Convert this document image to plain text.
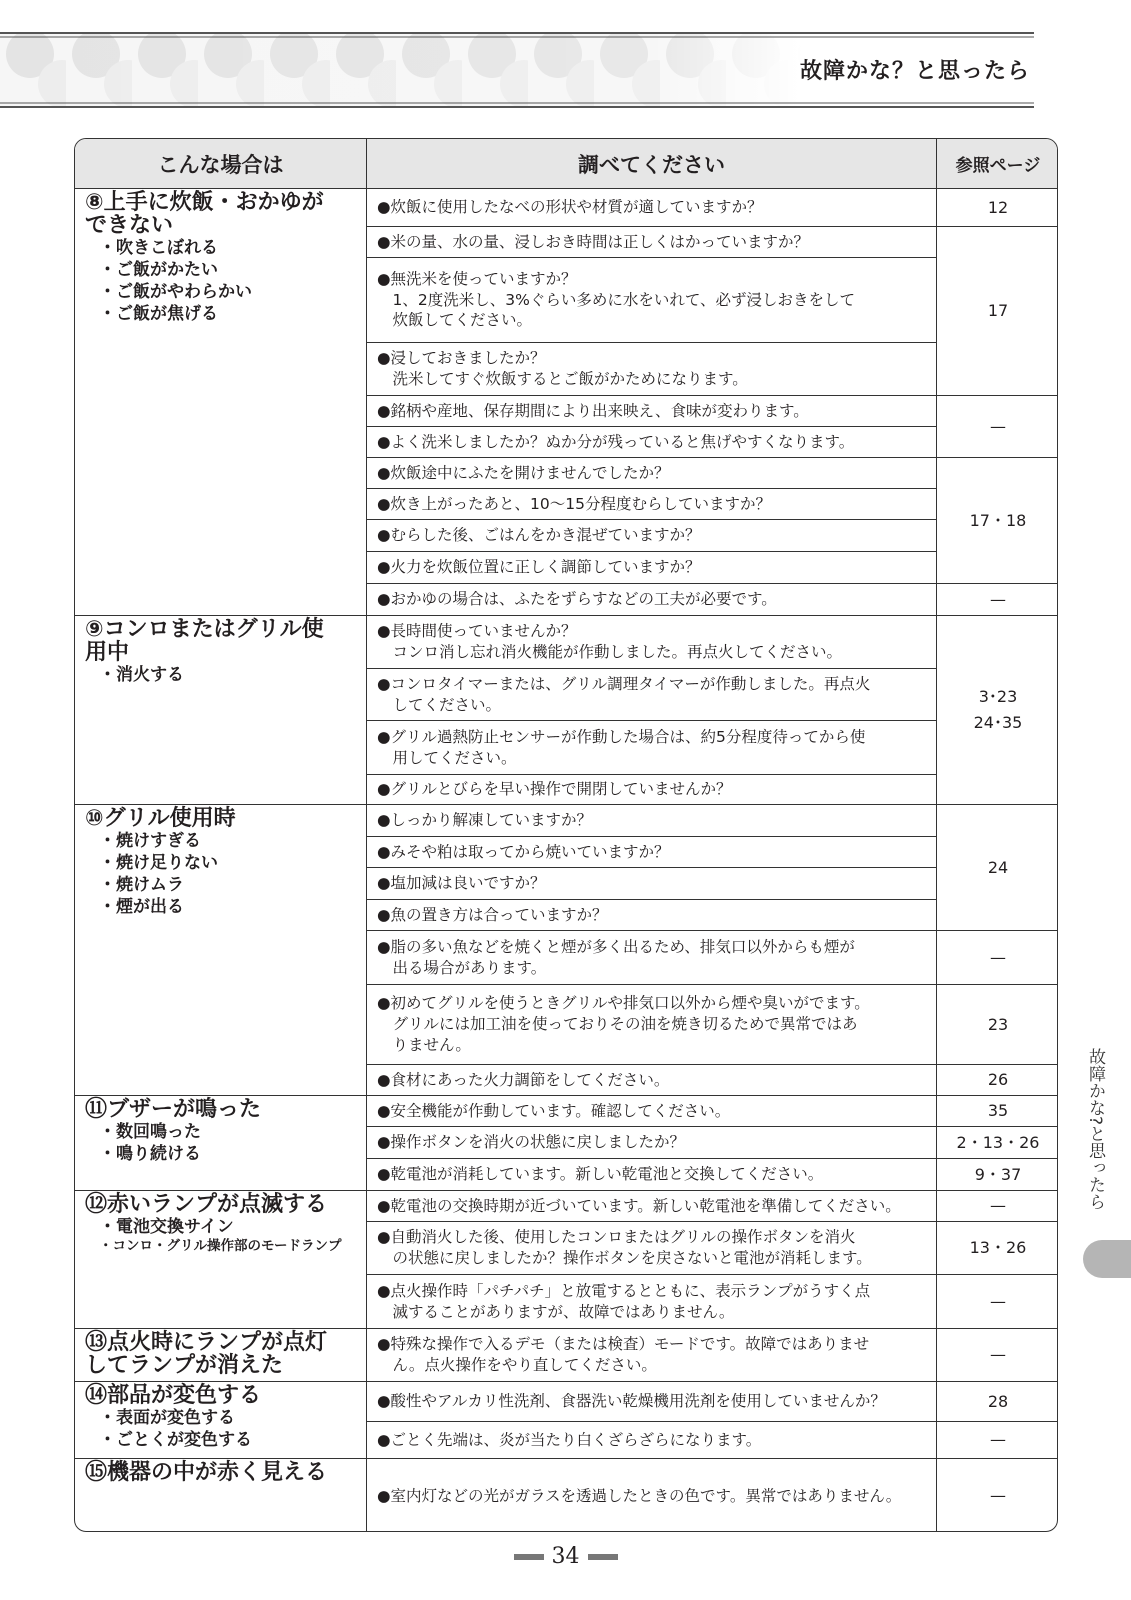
故障かな？と思ったら
こんな場合は	調べてください	参照ページ
⑧上手に炊飯・おかゆが
できない
・吹きこぼれる
・ご飯がかたい
・ご飯がやわらかい
・ご飯が焦げる
⑨コンロまたはグリル使
用中
・消火する
⑩グリル使用時
・焼けすぎる
・焼け足りない
・焼けムラ
・煙が出る
⑪ブザーが鳴った
・数回鳴った
・鳴り続ける
⑫赤いランプが点滅する
・電池交換サイン
・コンロ・グリル操作部のモードランプ
⑬点火時にランプが点灯
してランプが消えた
⑭部品が変色する
・表面が変色する
・ごとくが変色する
⑮機器の中が赤く見える
●炊飯に使用したなべの形状や材質が適していますか？
●米の量、水の量、浸しおき時間は正しくはかっていますか？
●無洗米を使っていますか？
　1、2度洗米し、3%ぐらい多めに水をいれて、必ず浸しおきをして
　炊飯してください。
●浸しておきましたか？
　洗米してすぐ炊飯するとご飯がかためになります。
●銘柄や産地、保存期間により出来映え、食味が変わります。
●よく洗米しましたか？ぬか分が残っていると焦げやすくなります。
●炊飯途中にふたを開けませんでしたか？
●炊き上がったあと、10～15分程度むらしていますか？
●むらした後、ごはんをかき混ぜていますか？
●火力を炊飯位置に正しく調節していますか？
●おかゆの場合は、ふたをずらすなどの工夫が必要です。
●長時間使っていませんか？
　コンロ消し忘れ消火機能が作動しました。再点火してください。
●コンロタイマーまたは、グリル調理タイマーが作動しました。再点火
　してください。
●グリル過熱防止センサーが作動した場合は、約5分程度待ってから使
　用してください。
●グリルとびらを早い操作で開閉していませんか？
●しっかり解凍していますか？
●みそや粕は取ってから焼いていますか？
●塩加減は良いですか？
●魚の置き方は合っていますか？
●脂の多い魚などを焼くと煙が多く出るため、排気口以外からも煙が
　出る場合があります。
●初めてグリルを使うときグリルや排気口以外から煙や臭いがでます。
　グリルには加工油を使っておりその油を焼き切るためで異常ではあ
　りません。
●食材にあった火力調節をしてください。
●安全機能が作動しています。確認してください。
●操作ボタンを消火の状態に戻しましたか？
●乾電池が消耗しています。新しい乾電池と交換してください。
●乾電池の交換時期が近づいています。新しい乾電池を準備してください。
●自動消火した後、使用したコンロまたはグリルの操作ボタンを消火
　の状態に戻しましたか？操作ボタンを戻さないと電池が消耗します。
●点火操作時「パチパチ」と放電するとともに、表示ランプがうすく点
　滅することがありますが、故障ではありません。
●特殊な操作で入るデモ（または検査）モードです。故障ではありませ
　ん。点火操作をやり直してください。
●酸性やアルカリ性洗剤、食器洗い乾燥機用洗剤を使用していませんか？
●ごとく先端は、炎が当たり白くざらざらになります。
●室内灯などの光がガラスを透過したときの色です。異常ではありません。
12
17
—
17・18
—
3･23
24･35
24
—
23
26
35
2・13・26
9・37
—
13・26
—
—
28
—
—
故障かな?と思ったら
34
